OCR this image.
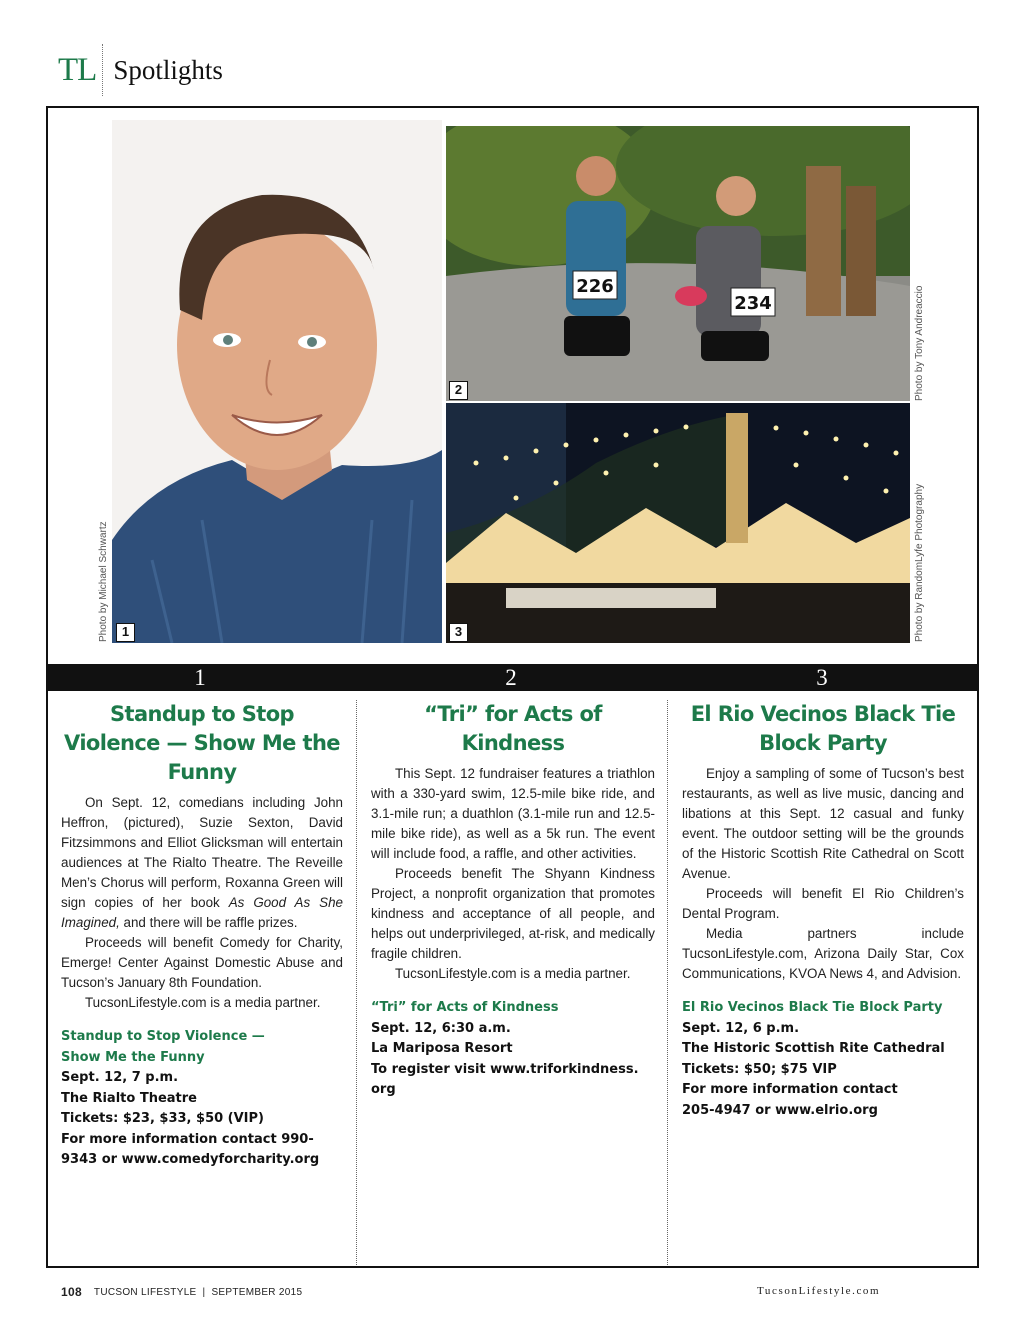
TL Spotlights
226
234
1
2
3
Photo by Michael Schwartz
Photo by Tony Andreaccio
Photo by RandomLyfe Photography
1	2	3
Standup to Stop Violence — Show Me the Funny

On Sept. 12, comedians including John Heffron, (pictured), Suzie Sexton, David Fitzsimmons and Elliot Glicksman will entertain audiences at The Rialto Theatre. The Reveille Men’s Chorus will perform, Roxanna Green will sign copies of her book As Good As She Imagined, and there will be raffle prizes.

Proceeds will benefit Comedy for Charity, Emerge! Center Against Domestic Abuse and Tucson’s January 8th Foundation.

TucsonLifestyle.com is a media partner.

Standup to Stop Violence —
Show Me the Funny
Sept. 12, 7 p.m.
The Rialto Theatre
Tickets: $23, $33, $50 (VIP)
For more information contact 990-
9343 or www.comedyforcharity.org
“Tri” for Acts of Kindness

This Sept. 12 fundraiser features a triathlon with a 330-yard swim, 12.5-mile bike ride, and 3.1-mile run; a duathlon (3.1-mile run and 12.5-mile bike ride), as well as a 5k run. The event will include food, a raffle, and other activities.

Proceeds benefit The Shyann Kindness Project, a nonprofit organization that promotes kindness and acceptance of all people, and helps out underprivileged, at-risk, and medically fragile children.

TucsonLifestyle.com is a media partner.

“Tri” for Acts of Kindness
Sept. 12, 6:30 a.m.
La Mariposa Resort
To register visit www.triforkindness.
org
El Rio Vecinos Black Tie Block Party

Enjoy a sampling of some of Tucson’s best restaurants, as well as live music, dancing and libations at this Sept. 12 casual and funky event. The outdoor setting will be the grounds of the Historic Scottish Rite Cathedral on Scott Avenue.

Proceeds will benefit El Rio Children’s Dental Program.

Media partners include TucsonLifestyle.com, Arizona Daily Star, Cox Communications, KVOA News 4, and Advision.

El Rio Vecinos Black Tie Block Party
Sept. 12, 6 p.m.
The Historic Scottish Rite Cathedral
Tickets: $50; $75 VIP
For more information contact
205-4947 or www.elrio.org
108 TUCSON LIFESTYLE | SEPTEMBER 2015	TucsonLifestyle.com
